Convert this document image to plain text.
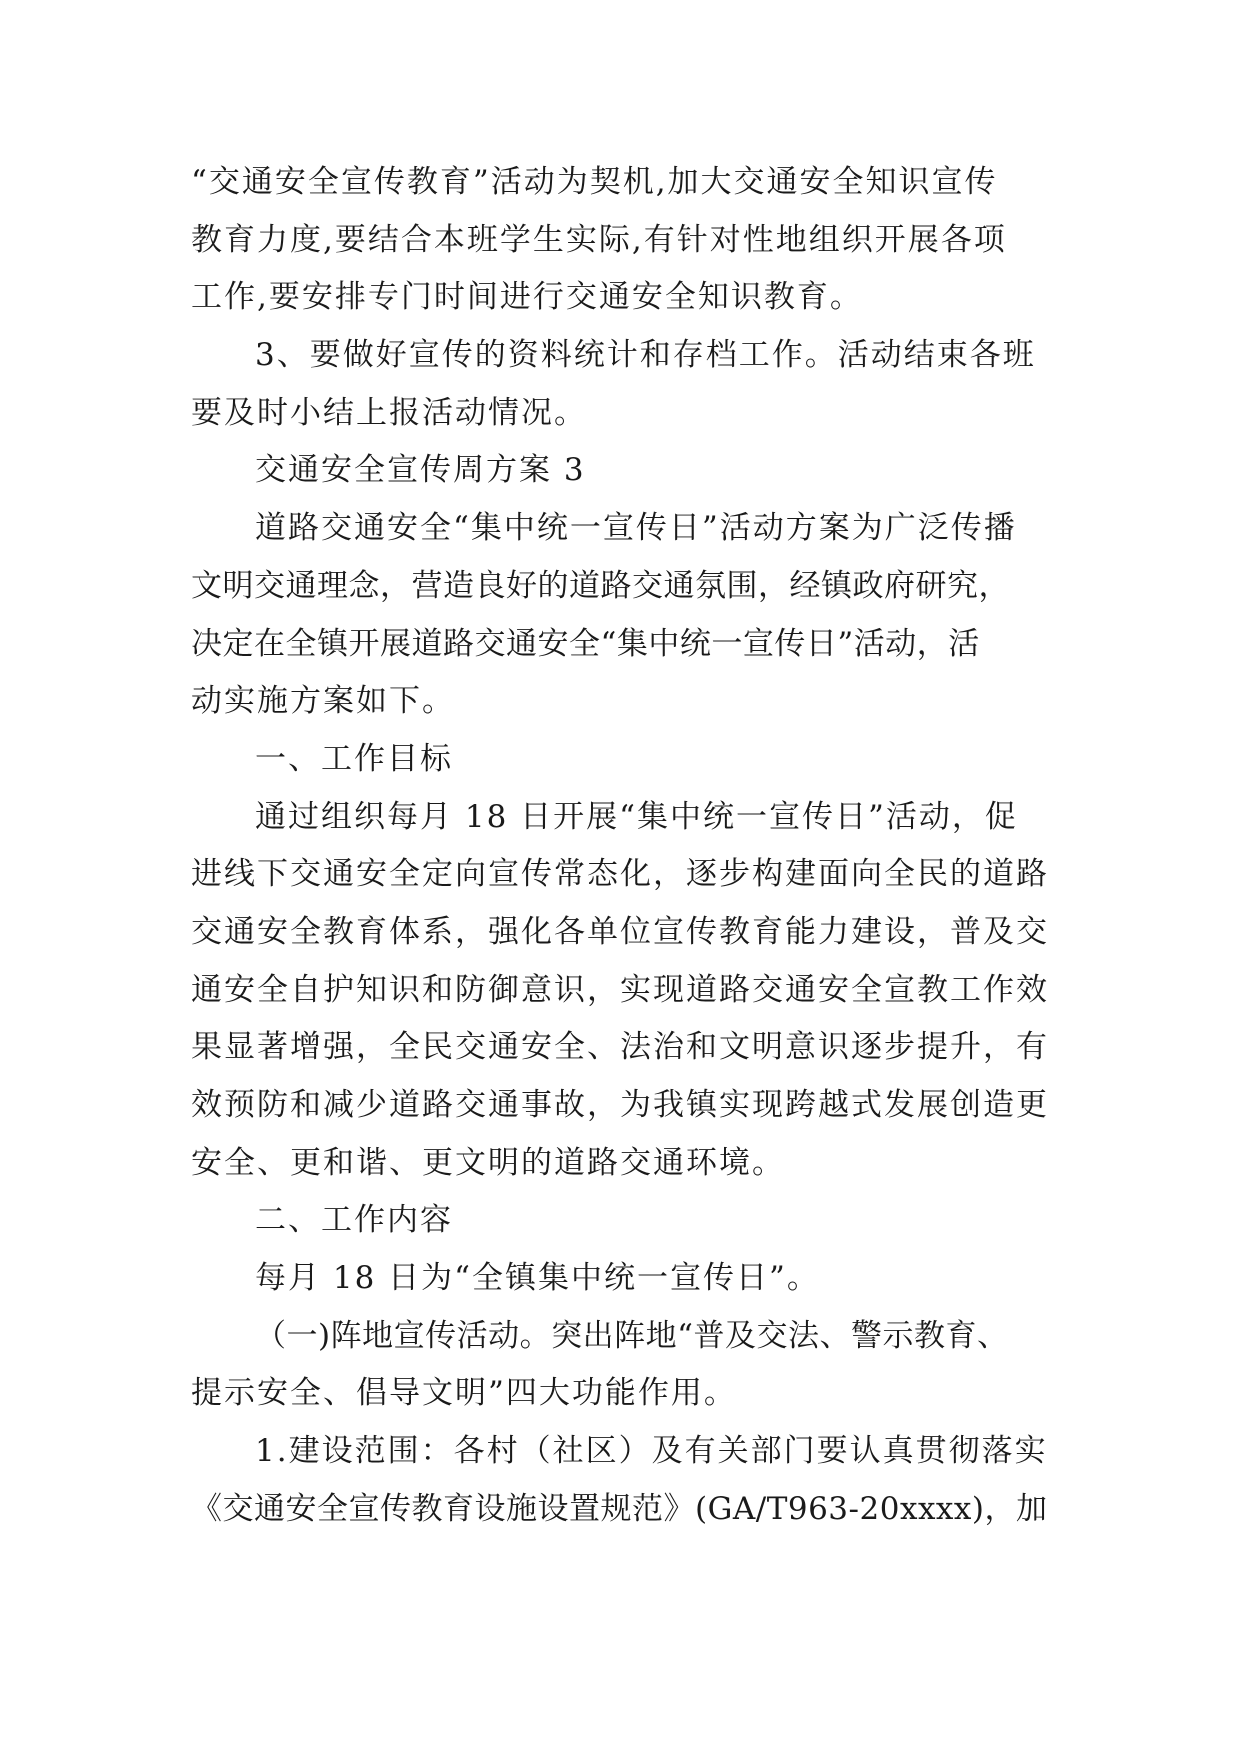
“交通安全宣传教育”活动为契机,加大交通安全知识宣传
教育力度,要结合本班学生实际,有针对性地组织开展各项
工作,要安排专门时间进行交通安全知识教育。
3、要做好宣传的资料统计和存档工作。活动结束各班
要及时小结上报活动情况。
交通安全宣传周方案 3
道路交通安全“集中统一宣传日”活动方案为广泛传播
文明交通理念，营造良好的道路交通氛围，经镇政府研究，
决定在全镇开展道路交通安全“集中统一宣传日”活动，活
动实施方案如下。
一、工作目标
通过组织每月 18 日开展“集中统一宣传日”活动，促
进线下交通安全定向宣传常态化，逐步构建面向全民的道路
交通安全教育体系，强化各单位宣传教育能力建设，普及交
通安全自护知识和防御意识，实现道路交通安全宣教工作效
果显著增强，全民交通安全、法治和文明意识逐步提升，有
效预防和减少道路交通事故，为我镇实现跨越式发展创造更
安全、更和谐、更文明的道路交通环境。
二、工作内容
每月 18 日为“全镇集中统一宣传日”。
（一)阵地宣传活动。突出阵地“普及交法、警示教育、
提示安全、倡导文明”四大功能作用。
1.建设范围：各村（社区）及有关部门要认真贯彻落实
《交通安全宣传教育设施设置规范》(GA/T963-20xxxx)，加
